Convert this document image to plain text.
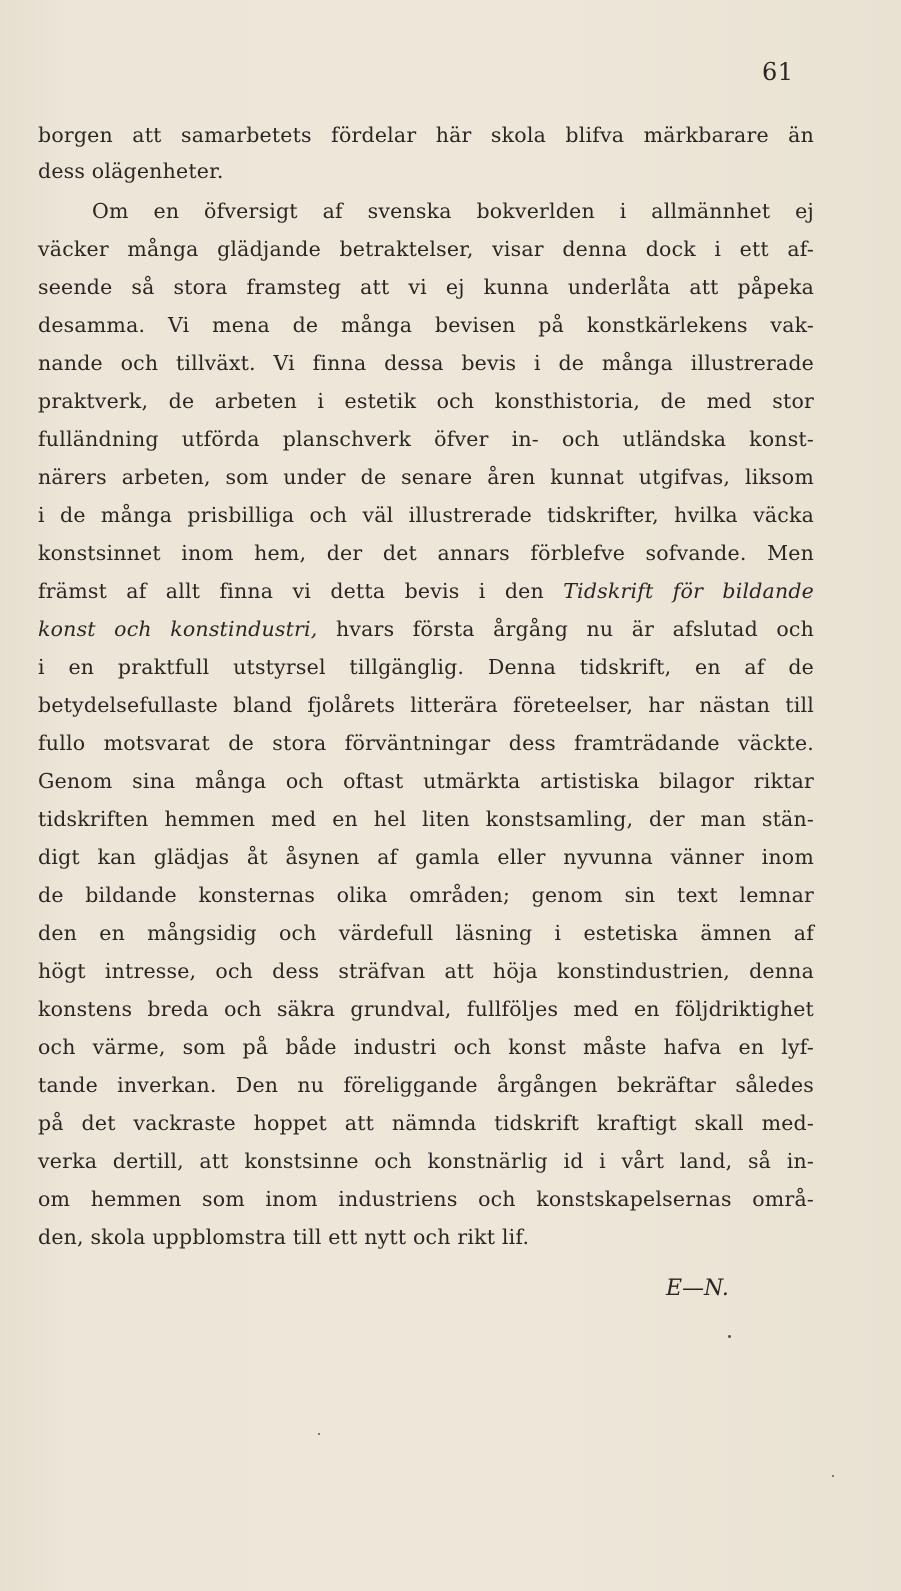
61
borgen att samarbetets fördelar här skola blifva märkbarare än
dess olägenheter.
Om en öfversigt af svenska bokverlden i allmännhet ej
väcker många glädjande betraktelser, visar denna dock i ett af-
seende så stora framsteg att vi ej kunna underlåta att påpeka
desamma. Vi mena de många bevisen på konstkärlekens vak-
nande och tillväxt. Vi finna dessa bevis i de många illustrerade
praktverk, de arbeten i estetik och konsthistoria, de med stor
fulländning utförda planschverk öfver in- och utländska konst-
närers arbeten, som under de senare åren kunnat utgifvas, liksom
i de många prisbilliga och väl illustrerade tidskrifter, hvilka väcka
konstsinnet inom hem, der det annars förblefve sofvande. Men
främst af allt finna vi detta bevis i den Tidskrift för bildande
konst och konstindustri, hvars första årgång nu är afslutad och
i en praktfull utstyrsel tillgänglig. Denna tidskrift, en af de
betydelsefullaste bland fjolårets litterära företeelser, har nästan till
fullo motsvarat de stora förväntningar dess framträdande väckte.
Genom sina många och oftast utmärkta artistiska bilagor riktar
tidskriften hemmen med en hel liten konstsamling, der man stän-
digt kan glädjas åt åsynen af gamla eller nyvunna vänner inom
de bildande konsternas olika områden; genom sin text lemnar
den en mångsidig och värdefull läsning i estetiska ämnen af
högt intresse, och dess sträfvan att höja konstindustrien, denna
konstens breda och säkra grundval, fullföljes med en följdriktighet
och värme, som på både industri och konst måste hafva en lyf-
tande inverkan. Den nu föreliggande årgången bekräftar således
på det vackraste hoppet att nämnda tidskrift kraftigt skall med-
verka dertill, att konstsinne och konstnärlig id i vårt land, så in-
om hemmen som inom industriens och konstskapelsernas områ-
den, skola uppblomstra till ett nytt och rikt lif.
E—N.
